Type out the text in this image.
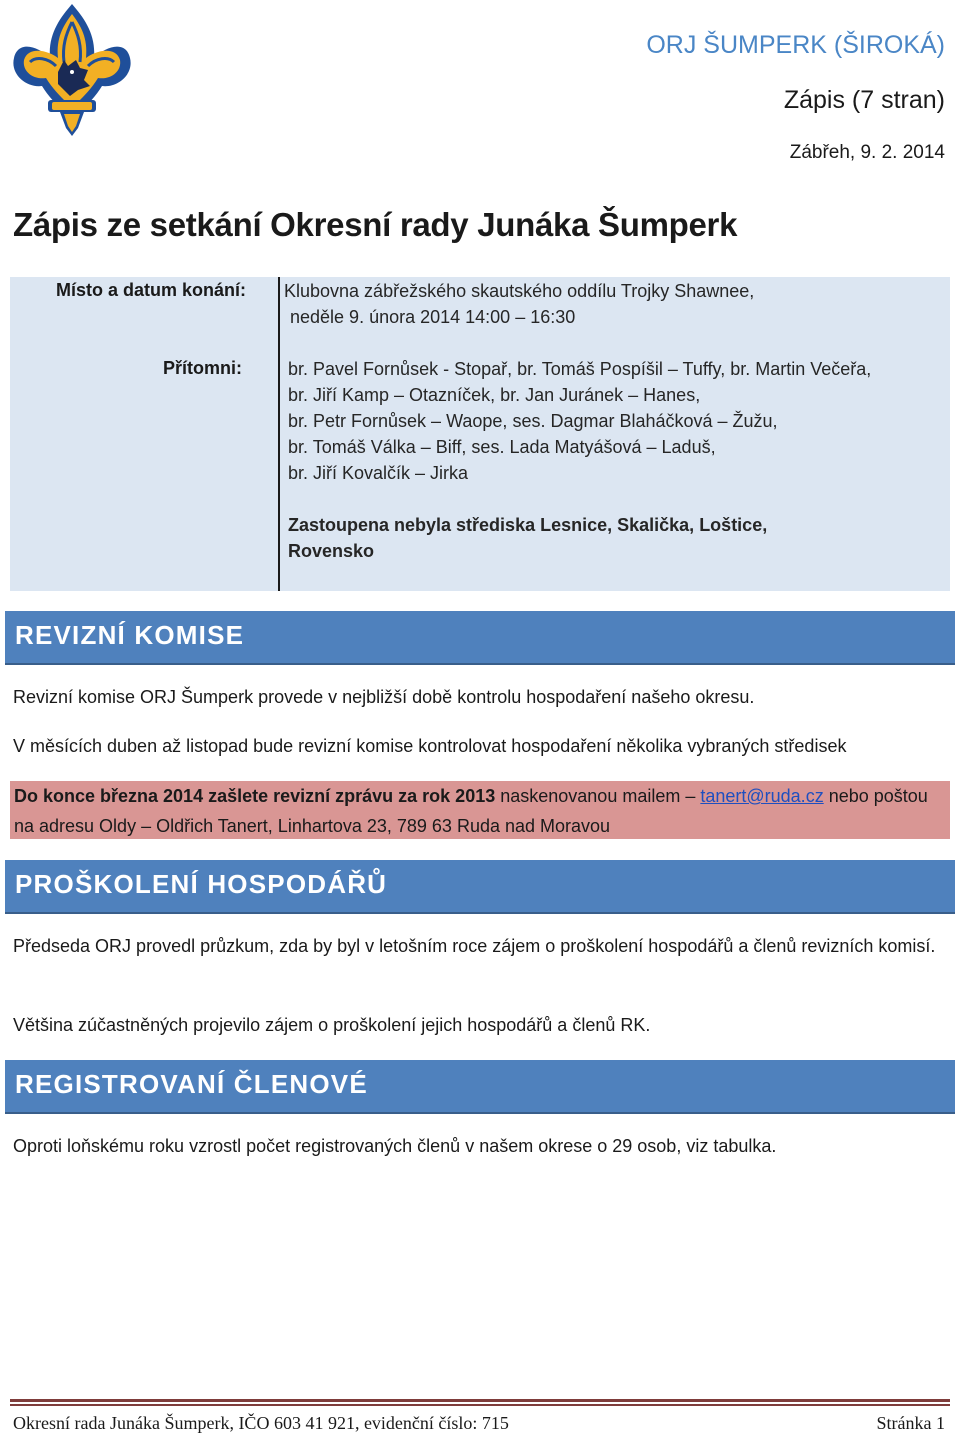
ORJ ŠUMPERK (ŠIROKÁ)
Zápis (7 stran)
Zábřeh, 9. 2. 2014
Zápis ze setkání Okresní rady Junáka Šumperk
Místo a datum konání: Klubovna zábřežského skautského oddílu Trojky Shawnee,
neděle 9. února 2014 14:00 – 16:30
Přítomni:	br. Pavel Fornůsek - Stopař, br. Tomáš Pospíšil – Tuffy, br. Martin Večeřa,
br. Jiří Kamp – Otazníček, br. Jan Juránek – Hanes,
br. Petr Fornůsek – Waope, ses. Dagmar Blaháčková – Žužu,
br. Tomáš Válka – Biff, ses. Lada Matyášová – Laduš,
br. Jiří Kovalčík – Jirka
Zastoupena nebyla střediska Lesnice, Skalička, Loštice,
Rovensko
REVIZNÍ KOMISE
Revizní komise ORJ Šumperk provede v nejbližší době kontrolu hospodaření našeho okresu.
V měsících duben až listopad bude revizní komise kontrolovat hospodaření několika vybraných středisek
Do konce března 2014 zašlete revizní zprávu za rok 2013 naskenovanou mailem – tanert@ruda.cz nebo poštou na adresu Oldy – Oldřich Tanert, Linhartova 23, 789 63 Ruda nad Moravou
PROŠKOLENÍ HOSPODÁŘŮ
Předseda ORJ provedl průzkum, zda by byl v letošním roce zájem o proškolení hospodářů a členů revizních komisí.
Většina zúčastněných projevilo zájem o proškolení jejich hospodářů a členů RK.
REGISTROVANÍ ČLENOVÉ
Oproti loňskému roku vzrostl počet registrovaných členů v našem okrese o 29 osob, viz tabulka.
Okresní rada Junáka Šumperk, IČO 603 41 921, evidenční číslo: 715	Stránka 1
